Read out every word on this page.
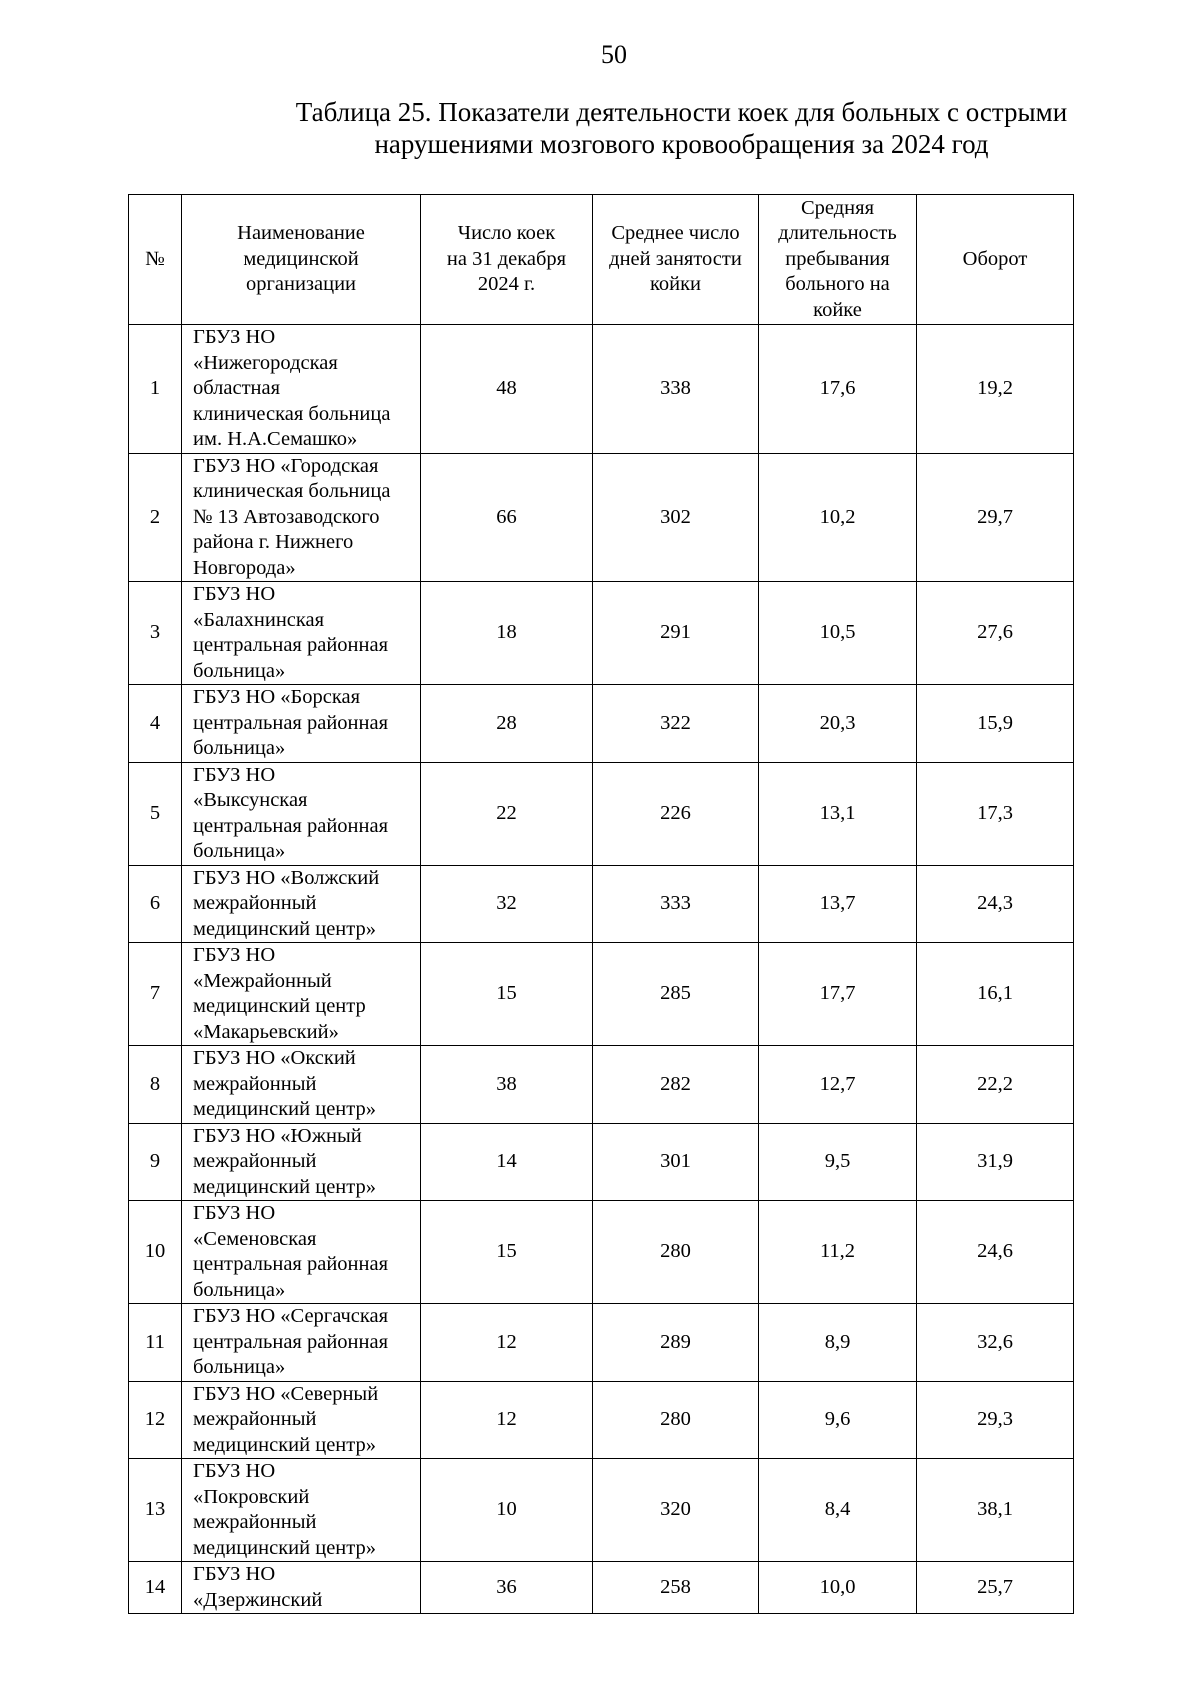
50
Таблица 25. Показатели деятельности коек для больных с острыми
нарушениями мозгового кровообращения за 2024 год
№	Наименование
медицинской
организации	Число коек
на 31 декабря
2024 г.	Среднее число
дней занятости
койки	Средняя
длительность
пребывания
больного на
койке	Оборот

1	ГБУЗ НО
«Нижегородская
областная
клиническая больница
им. Н.А.Семашко»	48	338	17,6	19,2
2	ГБУЗ НО «Городская
клиническая больница
№ 13 Автозаводского
района г. Нижнего
Новгорода»	66	302	10,2	29,7
3	ГБУЗ НО
«Балахнинская
центральная районная
больница»	18	291	10,5	27,6
4	ГБУЗ НО «Борская
центральная районная
больница»	28	322	20,3	15,9
5	ГБУЗ НО
«Выксунская
центральная районная
больница»	22	226	13,1	17,3
6	ГБУЗ НО «Волжский
межрайонный
медицинский центр»	32	333	13,7	24,3
7	ГБУЗ НО
«Межрайонный
медицинский центр
«Макарьевский»	15	285	17,7	16,1
8	ГБУЗ НО «Окский
межрайонный
медицинский центр»	38	282	12,7	22,2
9	ГБУЗ НО «Южный
межрайонный
медицинский центр»	14	301	9,5	31,9
10	ГБУЗ НО
«Семеновская
центральная районная
больница»	15	280	11,2	24,6
11	ГБУЗ НО «Сергачская
центральная районная
больница»	12	289	8,9	32,6
12	ГБУЗ НО «Северный
межрайонный
медицинский центр»	12	280	9,6	29,3
13	ГБУЗ НО
«Покровский
межрайонный
медицинский центр»	10	320	8,4	38,1
14	ГБУЗ НО
«Дзержинский	36	258	10,0	25,7
